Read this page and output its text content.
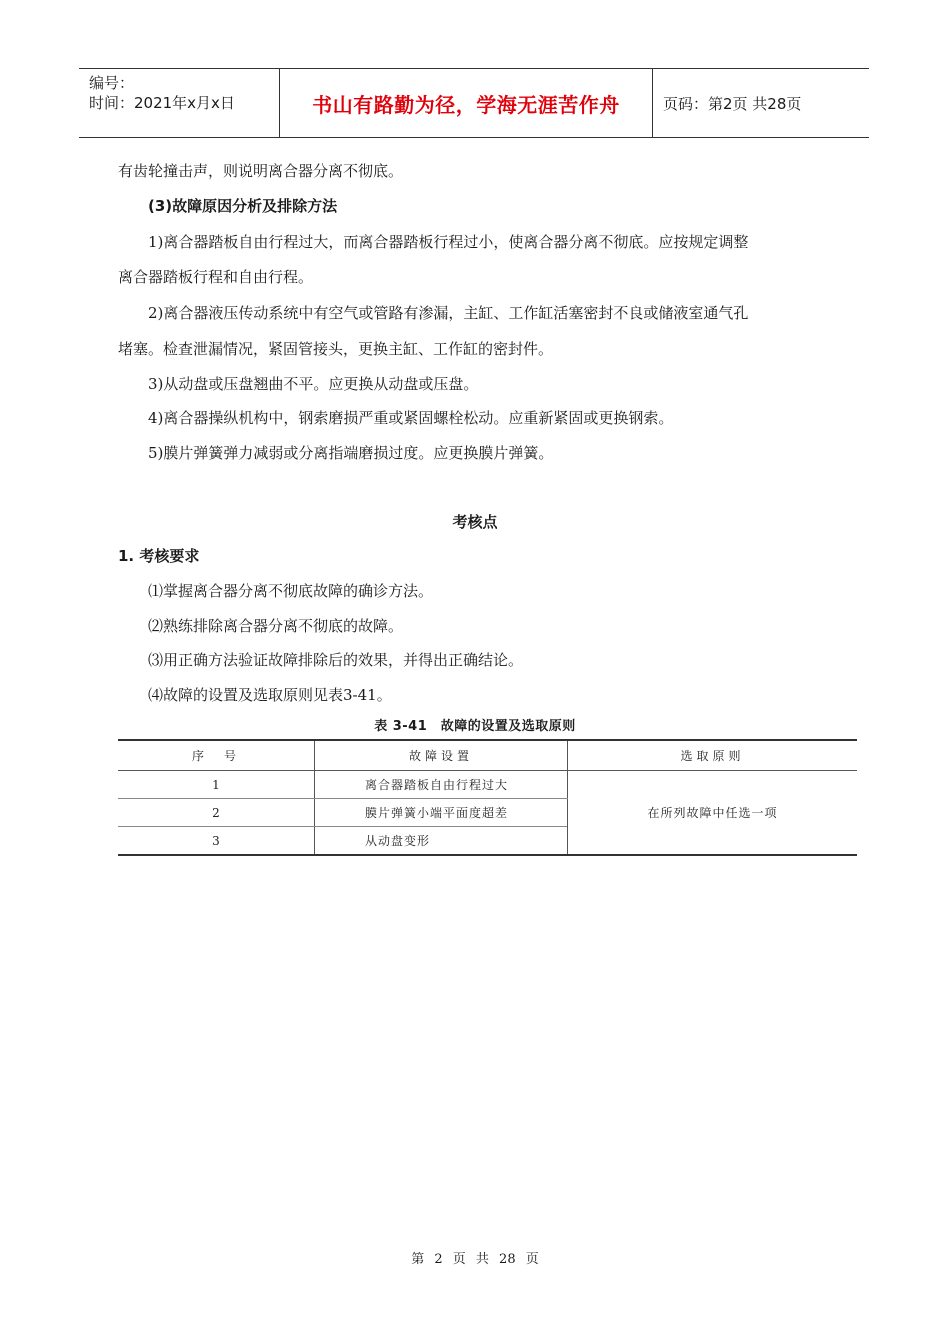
编号：
时间：2021年x月x日	书山有路勤为径，学海无涯苦作舟	页码：第2页 共28页
有齿轮撞击声，则说明离合器分离不彻底。
(3)故障原因分析及排除方法
1)离合器踏板自由行程过大，而离合器踏板行程过小，使离合器分离不彻底。应按规定调整
离合器踏板行程和自由行程。
2)离合器液压传动系统中有空气或管路有渗漏，主缸、工作缸活塞密封不良或储液室通气孔
堵塞。检查泄漏情况，紧固管接头，更换主缸、工作缸的密封件。
3)从动盘或压盘翘曲不平。应更换从动盘或压盘。
4)离合器操纵机构中，钢索磨损严重或紧固螺栓松动。应重新紧固或更换钢索。
5)膜片弹簧弹力减弱或分离指端磨损过度。应更换膜片弹簧。
考核点
1. 考核要求
⑴掌握离合器分离不彻底故障的确诊方法。
⑵熟练排除离合器分离不彻底的故障。
⑶用正确方法验证故障排除后的效果，并得出正确结论。
⑷故障的设置及选取原则见表3-41。
表 3-41　故障的设置及选取原则
序　号	故障设置	选取原则
1	离合器踏板自由行程过大	在所列故障中任选一项
2	膜片弹簧小端平面度超差	
3	从动盘变形	
第 2 页 共 28 页
